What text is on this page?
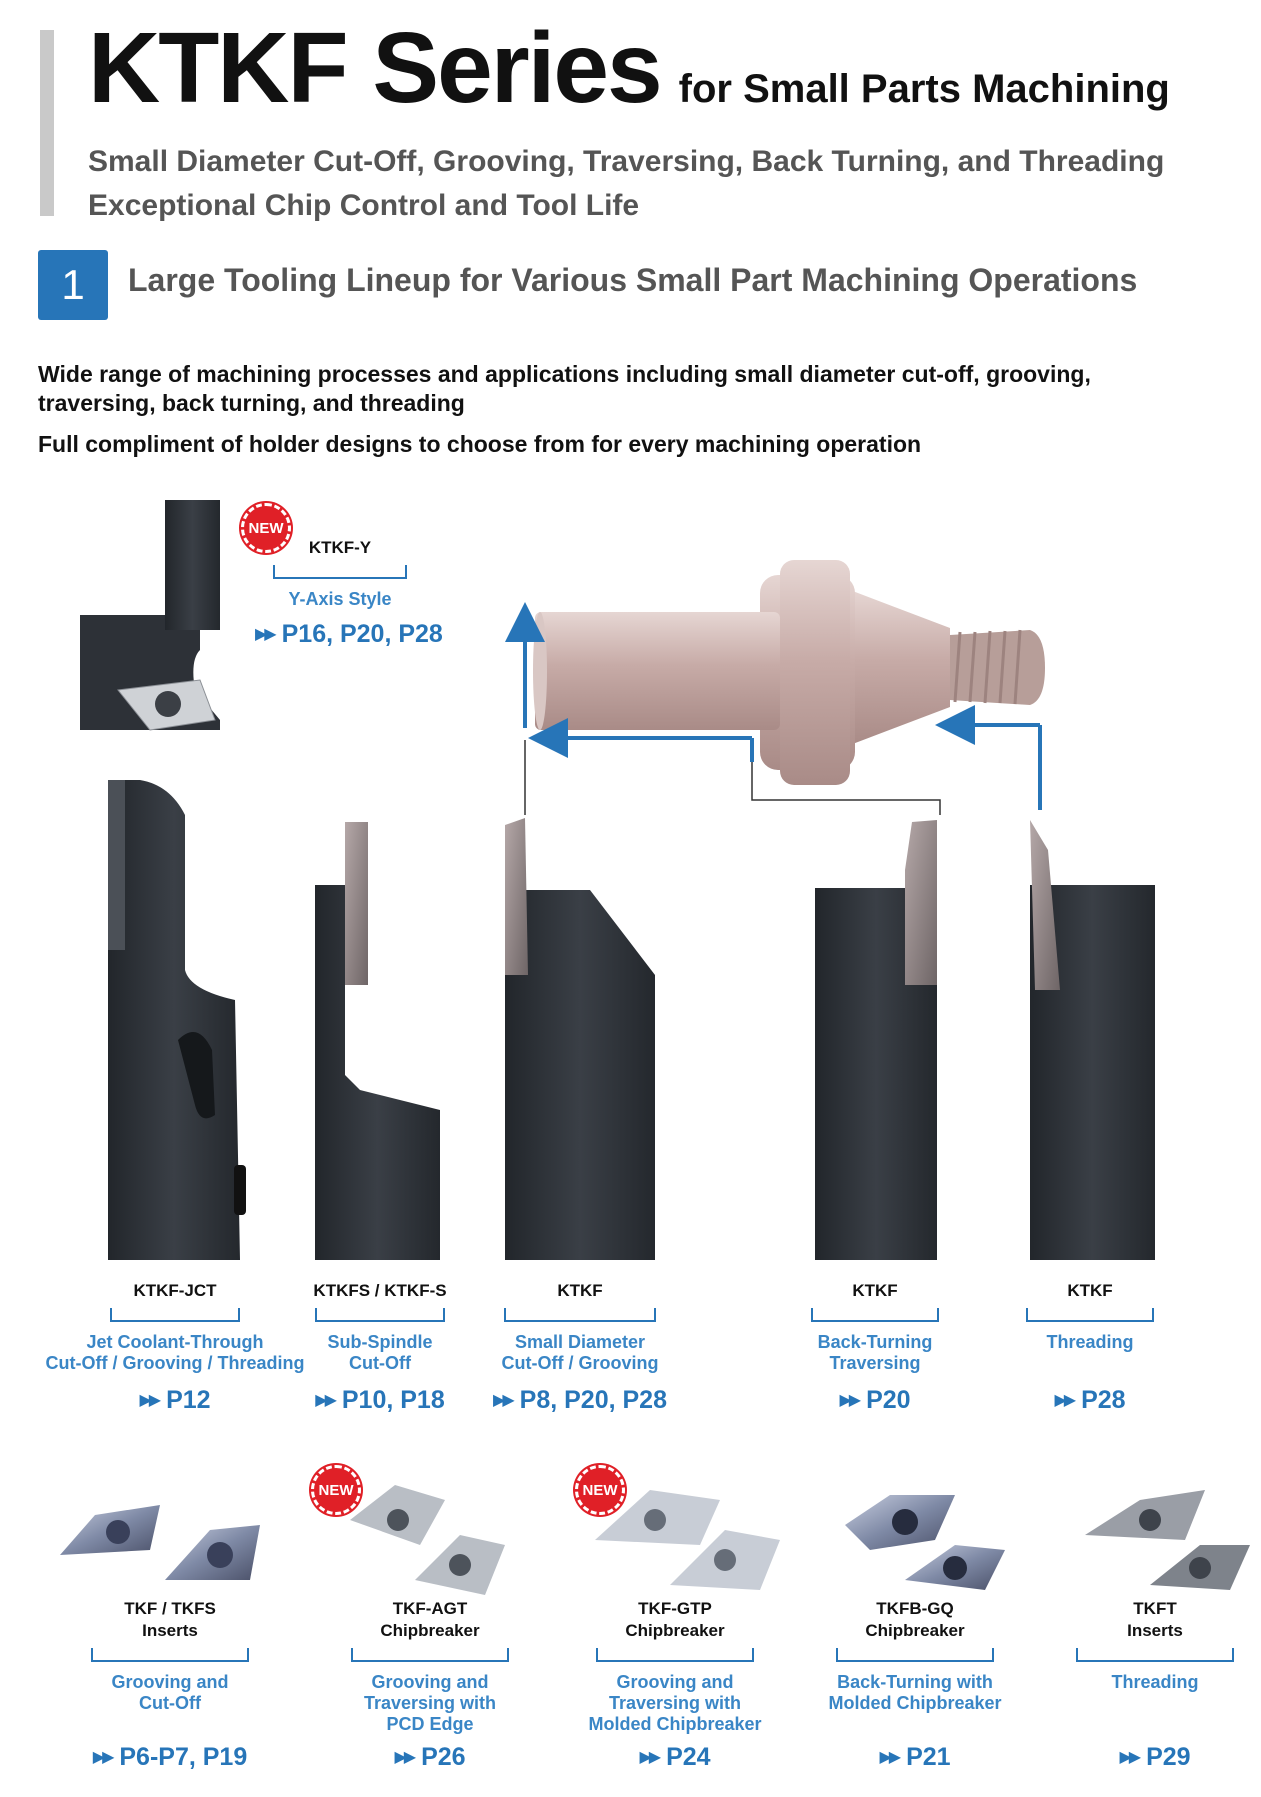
KTKF Series for Small Parts Machining
Small Diameter Cut-Off, Grooving, Traversing, Back Turning, and Threading
Exceptional Chip Control and Tool Life
1	Large Tooling Lineup for Various Small Part Machining Operations
Wide range of machining processes and applications including small diameter cut-off, grooving, traversing, back turning, and threading
Full compliment of holder designs to choose from for every machining operation
NEW
NEW	NEW
KTKF-Y
Y-Axis Style
▶▶ P16, P20, P28
KTKF-JCT
Jet Coolant-Through
Cut-Off / Grooving / Threading
▶▶ P12
KTKFS / KTKF-S
Sub-Spindle
Cut-Off
▶▶ P10, P18
KTKF
Small Diameter
Cut-Off / Grooving
▶▶ P8, P20, P28
KTKF
Back-Turning
Traversing
▶▶ P20
KTKF
Threading
▶▶ P28
TKF / TKFS
Inserts
Grooving and
Cut-Off
▶▶ P6-P7, P19
TKF-AGT
Chipbreaker
Grooving and
Traversing with
PCD Edge
▶▶ P26
TKF-GTP
Chipbreaker
Grooving and
Traversing with
Molded Chipbreaker
▶▶ P24
TKFB-GQ
Chipbreaker
Back-Turning with
Molded Chipbreaker
▶▶ P21
TKFT
Inserts
Threading
▶▶ P29
